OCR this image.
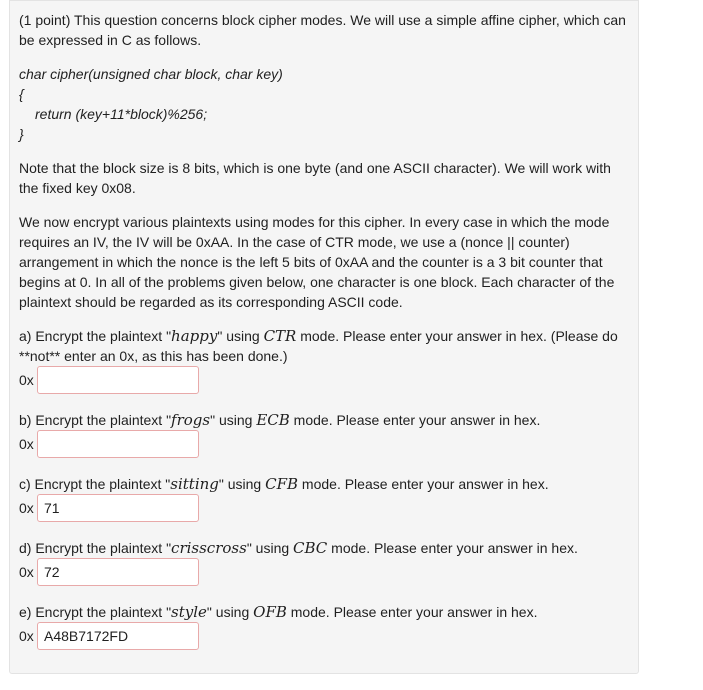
(1 point) This question concerns block cipher modes. We will use a simple affine cipher, which can
be expressed in C as follows.
char cipher(unsigned char block, char key)
{
return (key+11*block)%256;
}
Note that the block size is 8 bits, which is one byte (and one ASCII character). We will work with
the fixed key 0x08.
We now encrypt various plaintexts using modes for this cipher. In every case in which the mode
requires an IV, the IV will be 0xAA. In the case of CTR mode, we use a (nonce || counter)
arrangement in which the nonce is the left 5 bits of 0xAA and the counter is a 3 bit counter that
begins at 0. In all of the problems given below, one character is one block. Each character of the
plaintext should be regarded as its corresponding ASCII code.
a) Encrypt the plaintext "happy" using CTR mode. Please enter your answer in hex. (Please do
**not** enter an 0x, as this has been done.)
0x
b) Encrypt the plaintext "frogs" using ECB mode. Please enter your answer in hex.
0x
c) Encrypt the plaintext "sitting" using CFB mode. Please enter your answer in hex.
0x
71
d) Encrypt the plaintext "crisscross" using CBC mode. Please enter your answer in hex.
0x
72
e) Encrypt the plaintext "style" using OFB mode. Please enter your answer in hex.
0x
A48B7172FD
